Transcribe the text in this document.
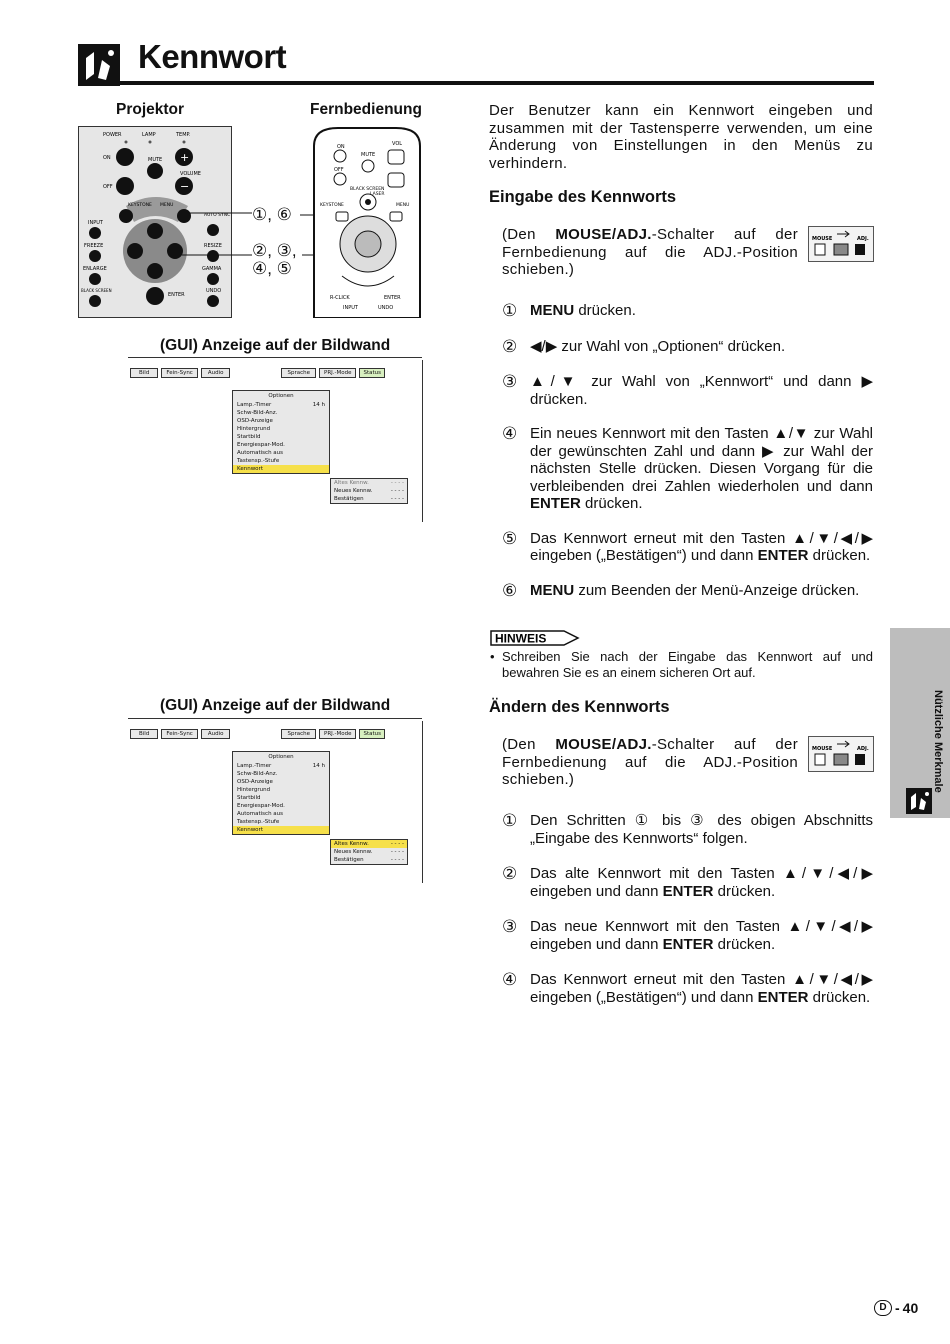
Kennwort
Projektor	Fernbedienung
POWER	LAMP	TEMP.
ON	MUTE +
VOLUME
OFF	−
KEYSTONE MENU
AUTO SYNC
INPUT
FREEZE	RESIZE
ENLARGE	GAMMA
BLACK SCREEN
ENTER
UNDO
①, ⑥
②, ③,
④, ⑤
ON
OFF
VOL
MUTE
BLACK SCREEN
LASER
KEYSTONE	MENU
R-CLICK	ENTER
INPUT	UNDO
(GUI) Anzeige auf der Bildwand
Bild	Fein-Sync	Audio	Sprache	PRJ.-Mode	Status
Optionen
Lamp.-Timer	14 h
Schw-Bild-Anz.
OSD-Anzeige
Hintergrund
Startbild
Energiespar-Mod.
Automatisch aus
Tastensp.-Stufe
Kennwort
Altes Kennw.	- - - -
Neues Kennw.	- - - -
Bestätigen	- - - -
(GUI) Anzeige auf der Bildwand
Bild	Fein-Sync	Audio	Sprache	PRJ.-Mode	Status
Optionen
Lamp.-Timer	14 h
Schw-Bild-Anz.
OSD-Anzeige
Hintergrund
Startbild
Energiespar-Mod.
Automatisch aus
Tastensp.-Stufe
Kennwort
Altes Kennw.	- - - -
Neues Kennw.	- - - -
Bestätigen	- - - -
Der Benutzer kann ein Kennwort eingeben und zusammen mit der Tastensperre verwenden, um eine Änderung von Einstellungen in den Menüs zu verhindern.
Eingabe des Kennworts
(Den MOUSE/ADJ.-Schalter auf der Fernbedienung auf die ADJ.-Position schieben.)
MOUSE	ADJ.
① MENU drücken.
② ◀/▶ zur Wahl von „Optionen“ drücken.
③ ▲/▼ zur Wahl von „Kennwort“ und dann ▶ drücken.
④ Ein neues Kennwort mit den Tasten ▲/▼ zur Wahl der gewünschten Zahl und dann ▶ zur Wahl der nächsten Stelle drücken. Diesen Vorgang für die verbleibenden drei Zahlen wiederholen und dann ENTER drücken.
⑤ Das Kennwort erneut mit den Tasten ▲/▼/◀/▶ eingeben („Bestätigen“) und dann ENTER drücken.
⑥ MENU zum Beenden der Menü-Anzeige drücken.
HINWEIS
• Schreiben Sie nach der Eingabe das Kennwort auf und bewahren Sie es an einem sicheren Ort auf.
Ändern des Kennworts
(Den MOUSE/ADJ.-Schalter auf der Fernbedienung auf die ADJ.-Position schieben.)
MOUSE	ADJ.
① Den Schritten ① bis ③ des obigen Abschnitts „Eingabe des Kennworts“ folgen.
② Das alte Kennwort mit den Tasten ▲/▼/◀/▶ eingeben und dann ENTER drücken.
③ Das neue Kennwort mit den Tasten ▲/▼/◀/▶ eingeben und dann ENTER drücken.
④ Das Kennwort erneut mit den Tasten ▲/▼/◀/▶ eingeben („Bestätigen“) und dann ENTER drücken.
Nützliche Merkmale
D - 40
